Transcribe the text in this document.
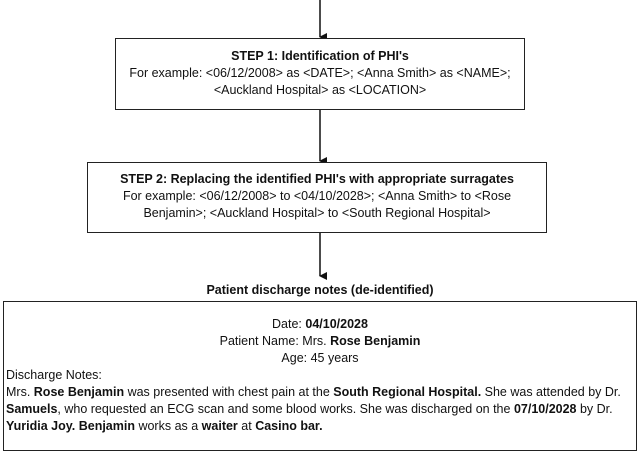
STEP 1: Identification of PHI's
For example: <06/12/2008> as <DATE>; <Anna Smith> as <NAME>;
<Auckland Hospital> as <LOCATION>
STEP 2: Replacing the identified PHI's with appropriate surragates
For example: <06/12/2008> to <04/10/2028>; <Anna Smith> to <Rose
Benjamin>; <Auckland Hospital> to <South Regional Hospital>
Patient discharge notes (de-identified)
Date: 04/10/2028
Patient Name: Mrs. Rose Benjamin
Age: 45 years
Discharge Notes:
Mrs. Rose Benjamin was presented with chest pain at the South Regional Hospital. She was attended by Dr. Samuels, who requested an ECG scan and some blood works. She was discharged on the 07/10/2028 by Dr. Yuridia Joy. Benjamin works as a waiter at Casino bar.
